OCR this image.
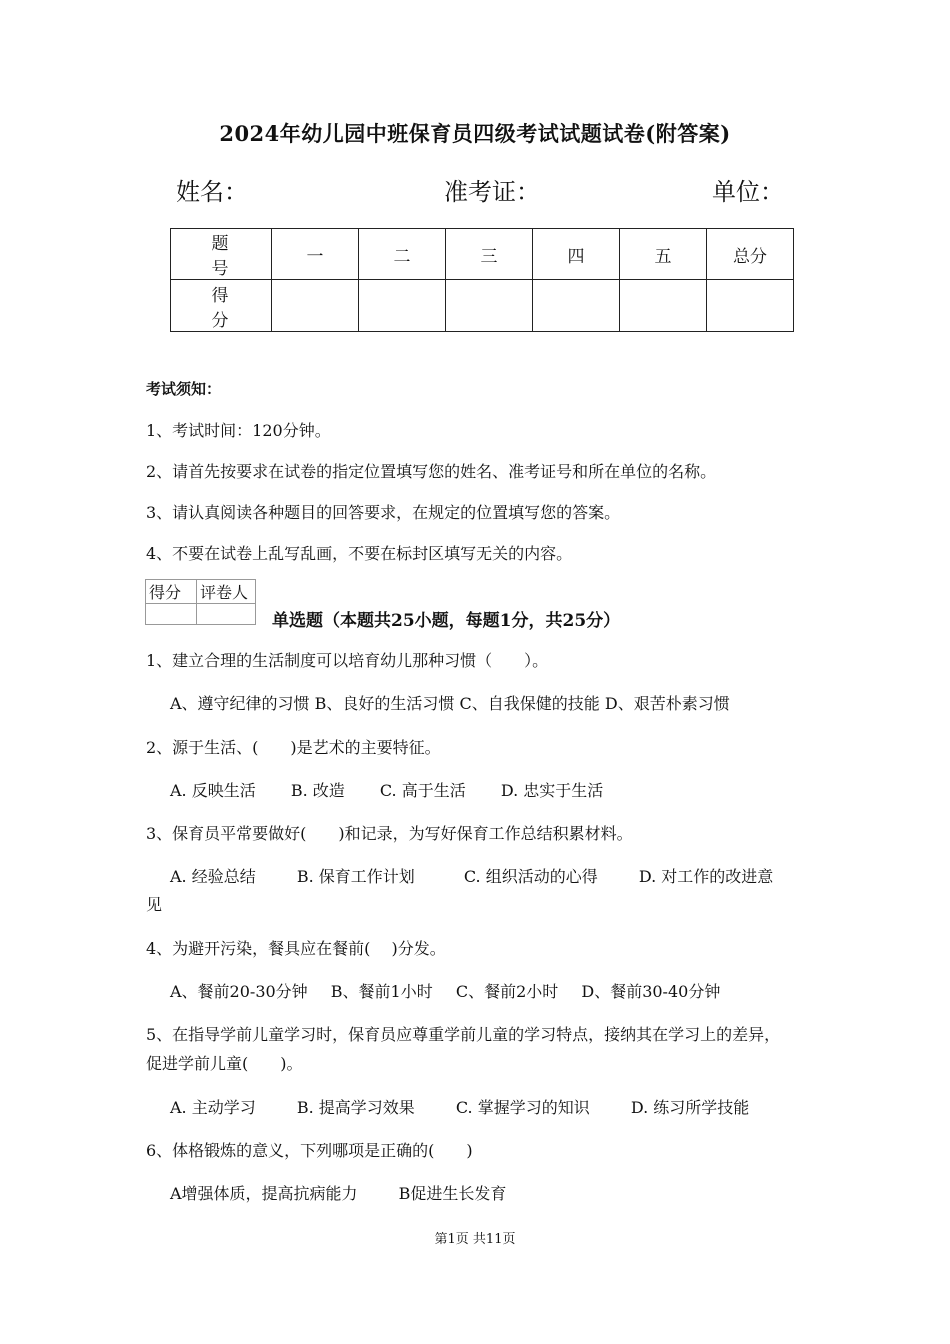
2024年幼儿园中班保育员四级考试试题试卷(附答案)
姓名：	准考证：	单位：
题　号	一	二	三	四	五	总分
得　分						
考试须知：
1、考试时间：120分钟。
2、请首先按要求在试卷的指定位置填写您的姓名、准考证号和所在单位的名称。
3、请认真阅读各种题目的回答要求，在规定的位置填写您的答案。
4、不要在试卷上乱写乱画，不要在标封区填写无关的内容。
得分	评卷人

单选题（本题共25小题，每题1分，共25分）
1、建立合理的生活制度可以培育幼儿那种习惯（　　）。
A、遵守纪律的习惯 B、良好的生活习惯 C、自我保健的技能 D、艰苦朴素习惯
2、源于生活、(　　)是艺术的主要特征。
A. 反映生活 B. 改造 C. 高于生活 D. 忠实于生活
3、保育员平常要做好(　　)和记录，为写好保育工作总结积累材料。
A. 经验总结	B. 保育工作计划	C. 组织活动的心得	D. 对工作的改进意
见
4、为避开污染，餐具应在餐前(　 )分发。
A、餐前20-30分钟 B、餐前1小时 C、餐前2小时 D、餐前30-40分钟
5、在指导学前儿童学习时，保育员应尊重学前儿童的学习特点，接纳其在学习上的差异，
促进学前儿童(　　)。
A. 主动学习	B. 提高学习效果	C. 掌握学习的知识	D. 练习所学技能
6、体格锻炼的意义，下列哪项是正确的(　　)
A增强体质，提高抗病能力	B促进生长发育
第1页 共11页
